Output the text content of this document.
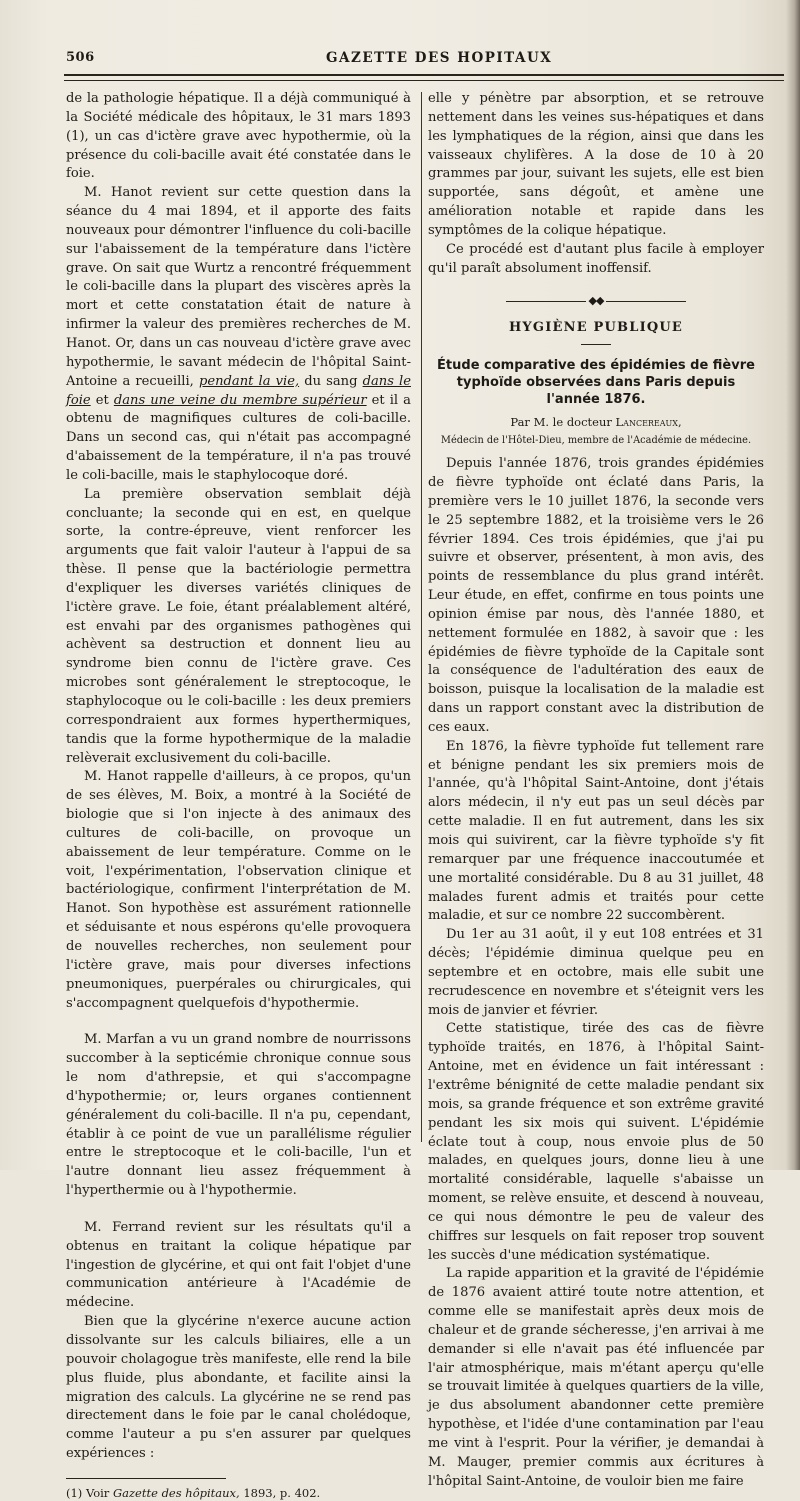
506	GAZETTE DES HOPITAUX

de la pathologie hépatique. Il a déjà communiqué à la Société médicale des hôpitaux, le 31 mars 1893 (1), un cas d'ictère grave avec hypothermie, où la présence du coli-bacille avait été constatée dans le foie.

M. Hanot revient sur cette question dans la séance du 4 mai 1894, et il apporte des faits nouveaux pour démontrer l'influence du coli-bacille sur l'abaissement de la température dans l'ictère grave. On sait que Wurtz a rencontré fréquemment le coli-bacille dans la plupart des viscères après la mort et cette constatation était de nature à infirmer la valeur des premières recherches de M. Hanot. Or, dans un cas nouveau d'ictère grave avec hypothermie, le savant médecin de l'hôpital Saint-Antoine a recueilli, pendant la vie, du sang dans le foie et dans une veine du membre supérieur et il a obtenu de magnifiques cultures de coli-bacille. Dans un second cas, qui n'était pas accompagné d'abaissement de la température, il n'a pas trouvé le coli-bacille, mais le staphylocoque doré.

La première observation semblait déjà concluante; la seconde qui en est, en quelque sorte, la contre-épreuve, vient renforcer les arguments que fait valoir l'auteur à l'appui de sa thèse. Il pense que la bactériologie permettra d'expliquer les diverses variétés cliniques de l'ictère grave. Le foie, étant préalablement altéré, est envahi par des organismes pathogènes qui achèvent sa destruction et donnent lieu au syndrome bien connu de l'ictère grave. Ces microbes sont généralement le streptocoque, le staphylocoque ou le coli-bacille : les deux premiers correspondraient aux formes hyperthermiques, tandis que la forme hypothermique de la maladie relèverait exclusivement du coli-bacille.

M. Hanot rappelle d'ailleurs, à ce propos, qu'un de ses élèves, M. Boix, a montré à la Société de biologie que si l'on injecte à des animaux des cultures de coli-bacille, on provoque un abaissement de leur température. Comme on le voit, l'expérimentation, l'observation clinique et bactériologique, confirment l'interprétation de M. Hanot. Son hypothèse est assurément rationnelle et séduisante et nous espérons qu'elle provoquera de nouvelles recherches, non seulement pour l'ictère grave, mais pour diverses infections pneumoniques, puerpérales ou chirurgicales, qui s'accompagnent quelquefois d'hypothermie.

M. Marfan a vu un grand nombre de nourrissons succomber à la septicémie chronique connue sous le nom d'athrepsie, et qui s'accompagne d'hypothermie; or, leurs organes contiennent généralement du coli-bacille. Il n'a pu, cependant, établir à ce point de vue un parallélisme régulier entre le streptocoque et le coli-bacille, l'un et l'autre donnant lieu assez fréquemment à l'hyperthermie ou à l'hypothermie.

M. Ferrand revient sur les résultats qu'il a obtenus en traitant la colique hépatique par l'ingestion de glycérine, et qui ont fait l'objet d'une communication antérieure à l'Académie de médecine.

Bien que la glycérine n'exerce aucune action dissolvante sur les calculs biliaires, elle a un pouvoir cholagogue très manifeste, elle rend la bile plus fluide, plus abondante, et facilite ainsi la migration des calculs. La glycérine ne se rend pas directement dans le foie par le canal cholédoque, comme l'auteur a pu s'en assurer par quelques expériences :

(1) Voir Gazette des hôpitaux, 1893, p. 402.

elle y pénètre par absorption, et se retrouve nettement dans les veines sus-hépatiques et dans les lymphatiques de la région, ainsi que dans les vaisseaux chylifères. A la dose de 10 à 20 grammes par jour, suivant les sujets, elle est bien supportée, sans dégoût, et amène une amélioration notable et rapide dans les symptômes de la colique hépatique.

Ce procédé est d'autant plus facile à employer qu'il paraît absolument inoffensif.

◆◆
HYGIÈNE PUBLIQUE
Étude comparative des épidémies de fièvre typhoïde observées dans Paris depuis l'année 1876.
Par M. le docteur Lancereaux,
Médecin de l'Hôtel-Dieu, membre de l'Académie de médecine.

Depuis l'année 1876, trois grandes épidémies de fièvre typhoïde ont éclaté dans Paris, la première vers le 10 juillet 1876, la seconde vers le 25 septembre 1882, et la troisième vers le 26 février 1894. Ces trois épidémies, que j'ai pu suivre et observer, présentent, à mon avis, des points de ressemblance du plus grand intérêt. Leur étude, en effet, confirme en tous points une opinion émise par nous, dès l'année 1880, et nettement formulée en 1882, à savoir que : les épidémies de fièvre typhoïde de la Capitale sont la conséquence de l'adultération des eaux de boisson, puisque la localisation de la maladie est dans un rapport constant avec la distribution de ces eaux.

En 1876, la fièvre typhoïde fut tellement rare et bénigne pendant les six premiers mois de l'année, qu'à l'hôpital Saint-Antoine, dont j'étais alors médecin, il n'y eut pas un seul décès par cette maladie. Il en fut autrement, dans les six mois qui suivirent, car la fièvre typhoïde s'y fit remarquer par une fréquence inaccoutumée et une mortalité considérable. Du 8 au 31 juillet, 48 malades furent admis et traités pour cette maladie, et sur ce nombre 22 succombèrent.

Du 1er au 31 août, il y eut 108 entrées et 31 décès; l'épidémie diminua quelque peu en septembre et en octobre, mais elle subit une recrudescence en novembre et s'éteignit vers les mois de janvier et février.

Cette statistique, tirée des cas de fièvre typhoïde traités, en 1876, à l'hôpital Saint-Antoine, met en évidence un fait intéressant : l'extrême bénignité de cette maladie pendant six mois, sa grande fréquence et son extrême gravité pendant les six mois qui suivent. L'épidémie éclate tout à coup, nous envoie plus de 50 malades, en quelques jours, donne lieu à une mortalité considérable, laquelle s'abaisse un moment, se relève ensuite, et descend à nouveau, ce qui nous démontre le peu de valeur des chiffres sur lesquels on fait reposer trop souvent les succès d'une médication systématique.

La rapide apparition et la gravité de l'épidémie de 1876 avaient attiré toute notre attention, et comme elle se manifestait après deux mois de chaleur et de grande sécheresse, j'en arrivai à me demander si elle n'avait pas été influencée par l'air atmosphérique, mais m'étant aperçu qu'elle se trouvait limitée à quelques quartiers de la ville, je dus absolument abandonner cette première hypothèse, et l'idée d'une contamination par l'eau me vint à l'esprit. Pour la vérifier, je demandai à M. Mauger, premier commis aux écritures à l'hôpital Saint-Antoine, de vouloir bien me faire
